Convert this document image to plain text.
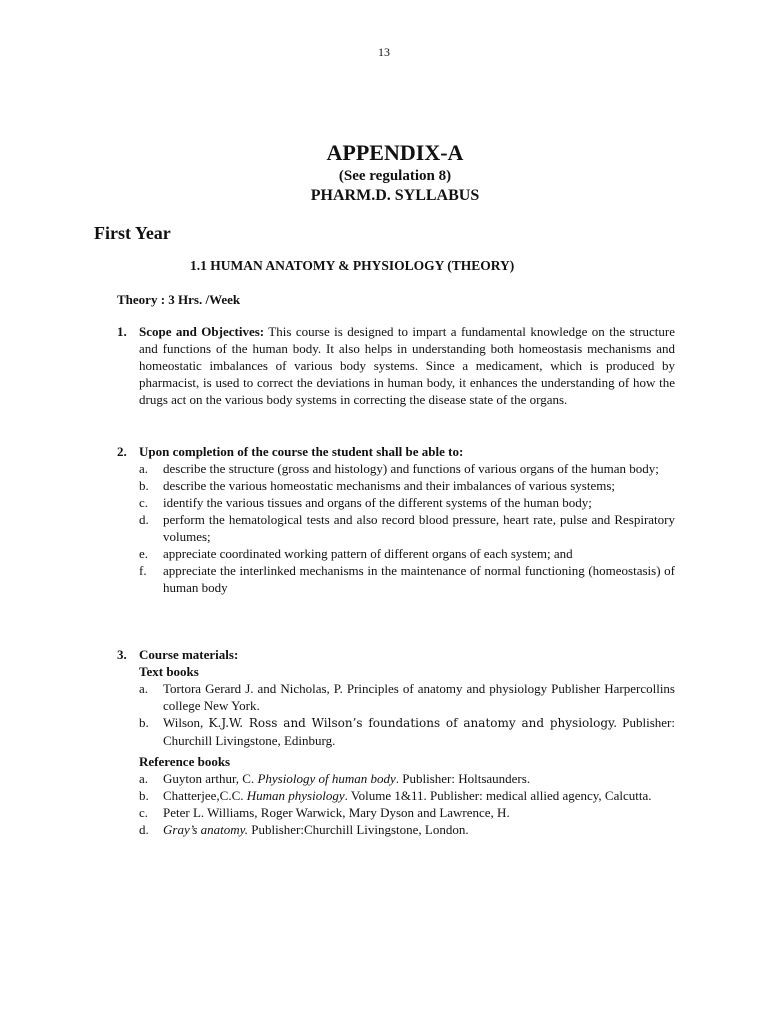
13
APPENDIX-A
(See regulation 8)
PHARM.D. SYLLABUS
First Year
1.1 HUMAN ANATOMY & PHYSIOLOGY (THEORY)
Theory : 3 Hrs. /Week
1. Scope and Objectives: This course is designed to impart a fundamental knowledge on the structure and functions of the human body. It also helps in understanding both homeostasis mechanisms and homeostatic imbalances of various body systems. Since a medicament, which is produced by pharmacist, is used to correct the deviations in human body, it enhances the understanding of how the drugs act on the various body systems in correcting the disease state of the organs.
2. Upon completion of the course the student shall be able to:
a. describe the structure (gross and histology) and functions of various organs of the human body;
b. describe the various homeostatic mechanisms and their imbalances of various systems;
c. identify the various tissues and organs of the different systems of the human body;
d. perform the hematological tests and also record blood pressure, heart rate, pulse and Respiratory volumes;
e. appreciate coordinated working pattern of different organs of each system; and
f. appreciate the interlinked mechanisms in the maintenance of normal functioning (homeostasis) of human body
3. Course materials:
Text books
a. Tortora Gerard J. and Nicholas, P. Principles of anatomy and physiology Publisher Harpercollins college New York.
b. Wilson, K.J.W. Ross and Wilson’s foundations of anatomy and physiology. Publisher: Churchill Livingstone, Edinburg.
Reference books
a. Guyton arthur, C. Physiology of human body. Publisher: Holtsaunders.
b. Chatterjee,C.C. Human physiology. Volume 1&11. Publisher: medical allied agency, Calcutta.
c. Peter L. Williams, Roger Warwick, Mary Dyson and Lawrence, H.
d. Gray’s anatomy. Publisher:Churchill Livingstone, London.
